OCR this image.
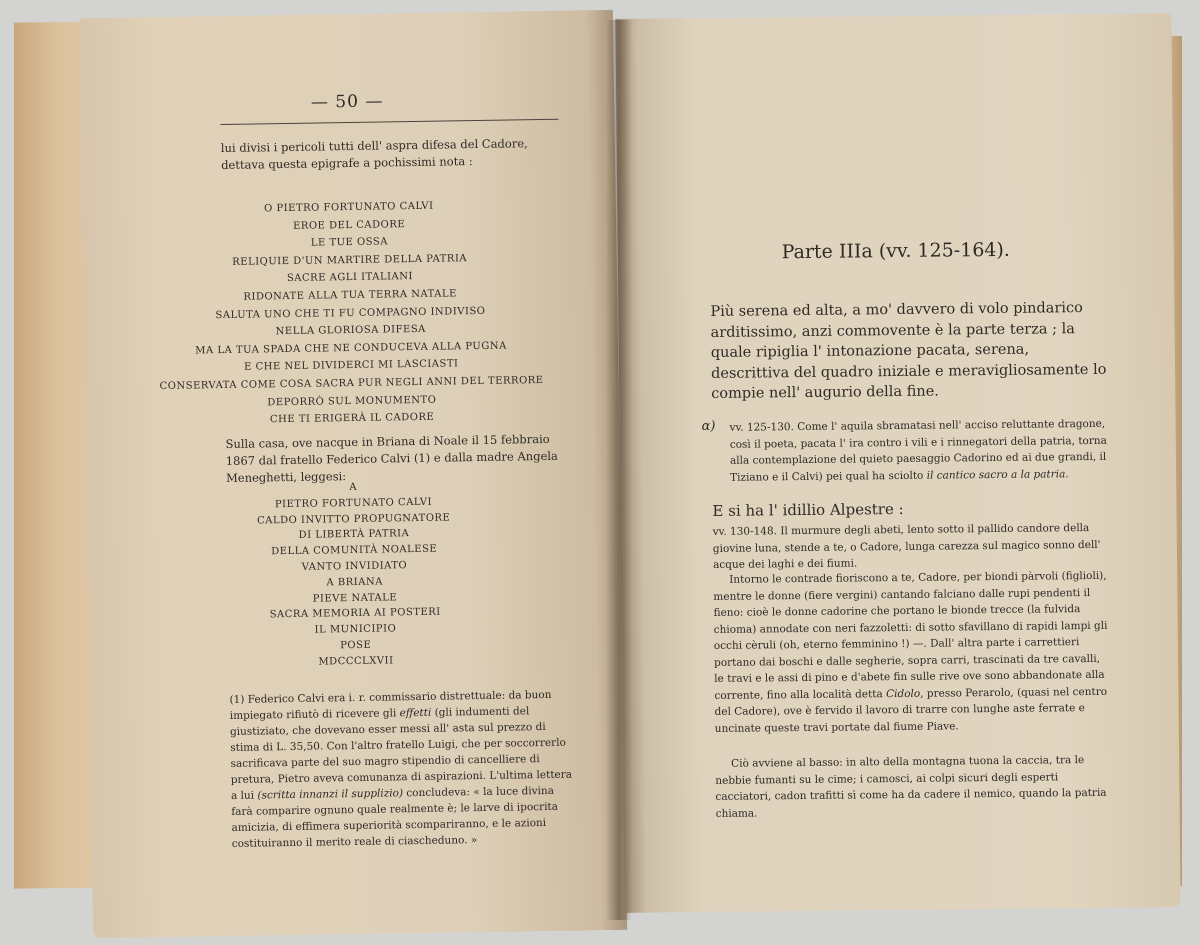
— 50 —
lui divisi i pericoli tutti dell' aspra difesa del Cadore, dettava questa epigrafe a pochissimi nota :
O PIETRO FORTUNATO CALVI
EROE DEL CADORE
LE TUE OSSA
RELIQUIE D'UN MARTIRE DELLA PATRIA
SACRE AGLI ITALIANI
RIDONATE ALLA TUA TERRA NATALE
SALUTA UNO CHE TI FU COMPAGNO INDIVISO
NELLA GLORIOSA DIFESA
MA LA TUA SPADA CHE NE CONDUCEVA ALLA PUGNA
E CHE NEL DIVIDERCI MI LASCIASTI
CONSERVATA COME COSA SACRA PUR NEGLI ANNI DEL TERRORE
DEPORRÒ SUL MONUMENTO
CHE TI ERIGERÀ IL CADORE
Sulla casa, ove nacque in Briana di Noale il 15 febbraio 1867 dal fratello Federico Calvi (1) e dalla madre Angela Meneghetti, leggesi:
A
PIETRO FORTUNATO CALVI
CALDO INVITTO PROPUGNATORE
DI LIBERTÀ PATRIA
DELLA COMUNITÀ NOALESE
VANTO INVIDIATO
A BRIANA
PIEVE NATALE
SACRA MEMORIA AI POSTERI
IL MUNICIPIO
POSE
MDCCCLXVII
(1) Federico Calvi era i. r. commissario distrettuale: da buon impiegato rifiutò di ricevere gli effetti (gli indumenti del giustiziato, che dovevano esser messi all' asta sul prezzo di stima di L. 35,50. Con l'altro fratello Luigi, che per soccorrerlo sacrificava parte del suo magro stipendio di cancelliere di pretura, Pietro aveva comunanza di aspirazioni. L'ultima lettera a lui (scritta innanzi il supplizio) concludeva: « la luce divina farà comparire ognuno quale realmente è; le larve di ipocrita amicizia, di effimera superiorità scompariranno, e le azioni costituiranno il merito reale di ciascheduno. »
Parte IIIa (vv. 125-164).
Più serena ed alta, a mo' davvero di volo pindarico arditissimo, anzi commovente è la parte terza ; la quale ripiglia l' intonazione pacata, serena, descrittiva del quadro iniziale e meravigliosamente lo compie nell' augurio della fine.
α) vv. 125-130. Come l' aquila sbramatasi nell' acciso reluttante dragone, così il poeta, pacata l' ira contro i vili e i rinnegatori della patria, torna alla contemplazione del quieto paesaggio Cadorino ed ai due grandi, il Tiziano e il Calvi) pei qual ha sciolto il cantico sacro a la patria.
E si ha l' idillio Alpestre :
vv. 130-148. Il murmure degli abeti, lento sotto il pallido candore della giovine luna, stende a te, o Cadore, lunga carezza sul magico sonno dell' acque dei laghi e dei fiumi.
Intorno le contrade fioriscono a te, Cadore, per biondi pàrvoli (figlioli), mentre le donne (fiere vergini) cantando falciano dalle rupi pendenti il fieno: cioè le donne cadorine che portano le bionde trecce (la fulvida chioma) annodate con neri fazzoletti: di sotto sfavillano di rapidi lampi gli occhi cèruli (oh, eterno femminino !) —. Dall' altra parte i carrettieri portano dai boschi e dalle segherie, sopra carri, trascinati da tre cavalli, le travi e le assi di pino e d'abete fin sulle rive ove sono abbandonate alla corrente, fino alla località detta Cidolo, presso Perarolo, (quasi nel centro del Cadore), ove è fervido il lavoro di trarre con lunghe aste ferrate e uncinate queste travi portate dal fiume Piave.
Ciò avviene al basso: in alto della montagna tuona la caccia, tra le nebbie fumanti su le cime; i camosci, ai colpi sicuri degli esperti cacciatori, cadon trafitti sì come ha da cadere il nemico, quando la patria chiama.
